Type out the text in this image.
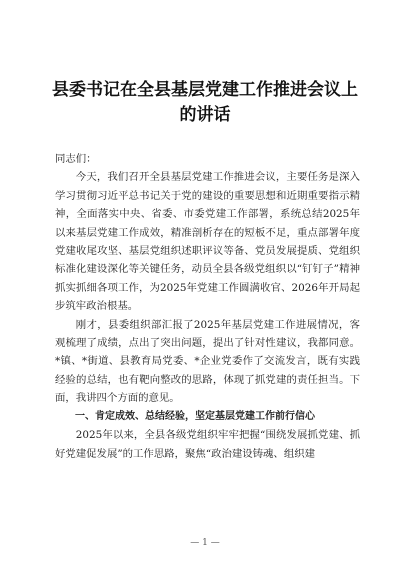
县委书记在全县基层党建工作推进会议上
的讲话

同志们：

今天，我们召开全县基层党建工作推进会议，主要任务是深入学习贯彻习近平总书记关于党的建设的重要思想和近期重要指示精神，全面落实中央、省委、市委党建工作部署，系统总结2025年以来基层党建工作成效，精准剖析存在的短板不足，重点部署年度党建收尾攻坚、基层党组织述职评议等备、党员发展提质、党组织标准化建设深化等关键任务，动员全县各级党组织以“钉钉子”精神抓实抓细各项工作，为2025年党建工作圆满收官、2026年开局起步筑牢政治根基。

刚才，县委组织部汇报了2025年基层党建工作进展情况，客观梳理了成绩，点出了突出问题，提出了针对性建议，我都同意。*镇、*街道、县教育局党委、*企业党委作了交流发言，既有实践经验的总结，也有靶向整改的思路，体现了抓党建的责任担当。下面，我讲四个方面的意见。

一、肯定成效、总结经验，坚定基层党建工作前行信心

2025年以来，全县各级党组织牢牢把握“围绕发展抓党建、抓好党建促发展”的工作思路，聚焦“政治建设铸魂、组织建

— 1 —
